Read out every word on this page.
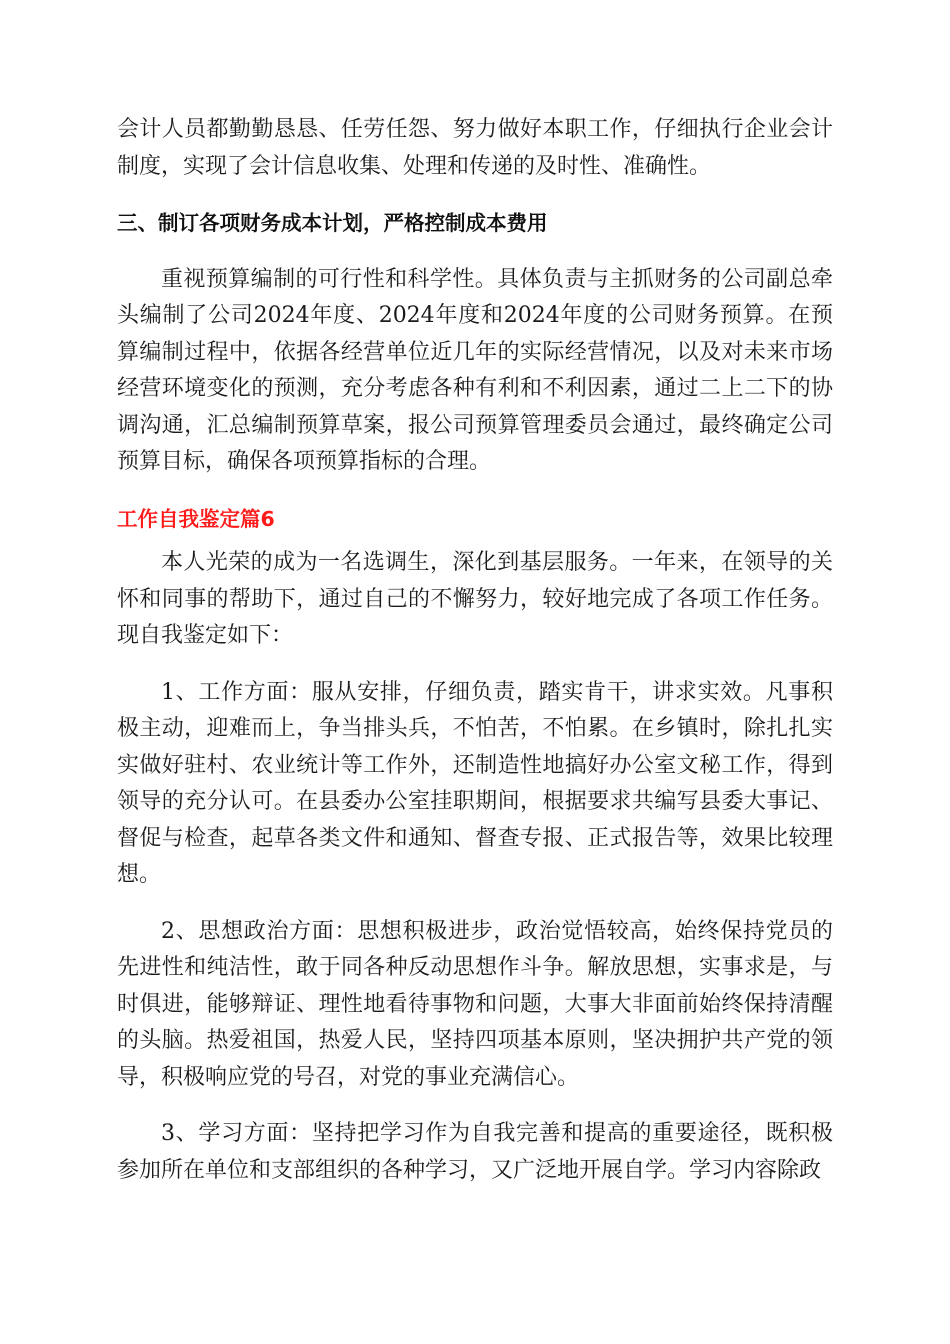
会计人员都勤勤恳恳、任劳任怨、努力做好本职工作，仔细执行企业会计制度，实现了会计信息收集、处理和传递的及时性、准确性。

三、制订各项财务成本计划，严格控制成本费用

重视预算编制的可行性和科学性。具体负责与主抓财务的公司副总牵头编制了公司2024年度、2024年度和2024年度的公司财务预算。在预算编制过程中，依据各经营单位近几年的实际经营情况，以及对未来市场经营环境变化的预测，充分考虑各种有利和不利因素，通过二上二下的协调沟通，汇总编制预算草案，报公司预算管理委员会通过，最终确定公司预算目标，确保各项预算指标的合理。

工作自我鉴定篇6

本人光荣的成为一名选调生，深化到基层服务。一年来，在领导的关怀和同事的帮助下，通过自己的不懈努力，较好地完成了各项工作任务。现自我鉴定如下：

1、工作方面：服从安排，仔细负责，踏实肯干，讲求实效。凡事积极主动，迎难而上，争当排头兵，不怕苦，不怕累。在乡镇时，除扎扎实实做好驻村、农业统计等工作外，还制造性地搞好办公室文秘工作，得到领导的充分认可。在县委办公室挂职期间，根据要求共编写县委大事记、督促与检查，起草各类文件和通知、督查专报、正式报告等，效果比较理想。

2、思想政治方面：思想积极进步，政治觉悟较高，始终保持党员的先进性和纯洁性，敢于同各种反动思想作斗争。解放思想，实事求是，与时俱进，能够辩证、理性地看待事物和问题，大事大非面前始终保持清醒的头脑。热爱祖国，热爱人民，坚持四项基本原则，坚决拥护共产党的领导，积极响应党的号召，对党的事业充满信心。

3、学习方面：坚持把学习作为自我完善和提高的重要途径，既积极参加所在单位和支部组织的各种学习，又广泛地开展自学。学习内容除政
